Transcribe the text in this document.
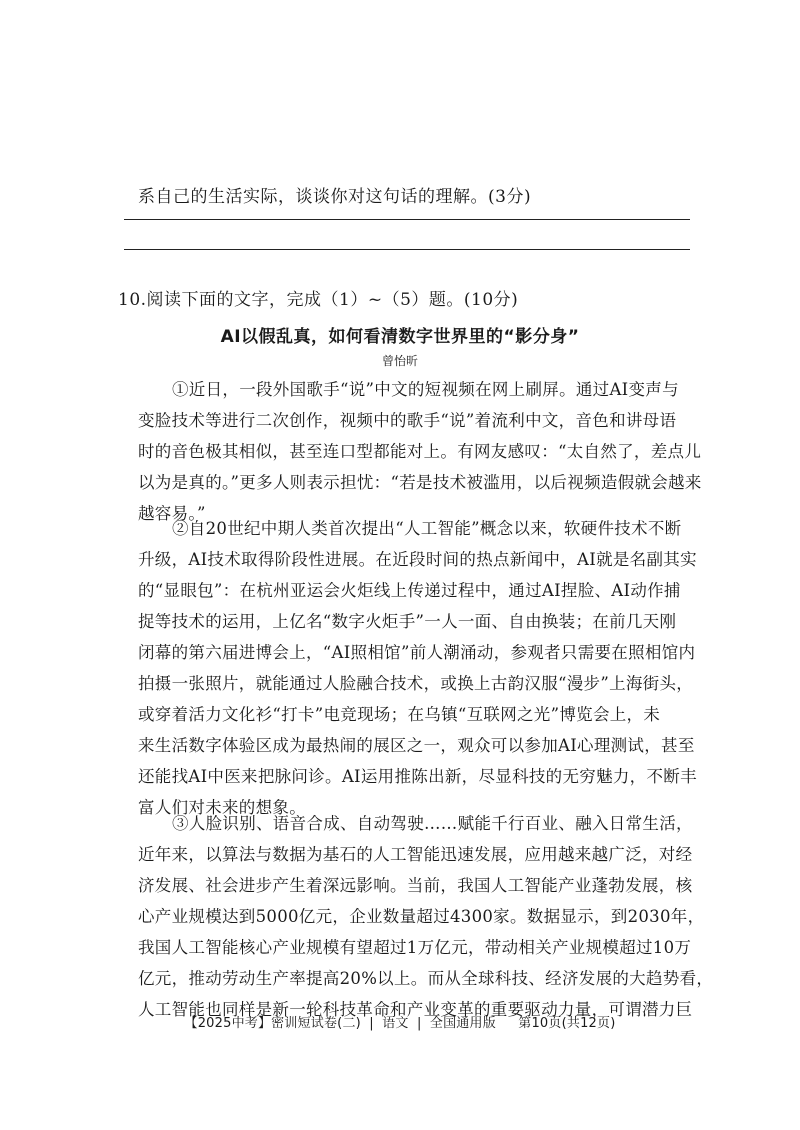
系自己的生活实际，谈谈你对这句话的理解。(3分)
10.阅读下面的文字，完成（1）~（5）题。(10分)
AI以假乱真，如何看清数字世界里的“影分身”
曾怡昕
①近日，一段外国歌手“说”中文的短视频在网上刷屏。通过AI变声与
变脸技术等进行二次创作，视频中的歌手“说”着流利中文，音色和讲母语
时的音色极其相似，甚至连口型都能对上。有网友感叹：“太自然了，差点儿
以为是真的。”更多人则表示担忧：“若是技术被滥用，以后视频造假就会越来
越容易。”
②自20世纪中期人类首次提出“人工智能”概念以来，软硬件技术不断
升级，AI技术取得阶段性进展。在近段时间的热点新闻中，AI就是名副其实
的“显眼包”：在杭州亚运会火炬线上传递过程中，通过AI捏脸、AI动作捕
捉等技术的运用，上亿名“数字火炬手”一人一面、自由换装；在前几天刚
闭幕的第六届进博会上，“AI照相馆”前人潮涌动，参观者只需要在照相馆内
拍摄一张照片，就能通过人脸融合技术，或换上古韵汉服“漫步”上海街头，
或穿着活力文化衫“打卡”电竞现场；在乌镇“互联网之光”博览会上，未
来生活数字体验区成为最热闹的展区之一，观众可以参加AI心理测试，甚至
还能找AI中医来把脉问诊。AI运用推陈出新，尽显科技的无穷魅力，不断丰
富人们对未来的想象。
③人脸识别、语音合成、自动驾驶……赋能千行百业、融入日常生活，
近年来，以算法与数据为基石的人工智能迅速发展，应用越来越广泛，对经
济发展、社会进步产生着深远影响。当前，我国人工智能产业蓬勃发展，核
心产业规模达到5000亿元，企业数量超过4300家。数据显示，到2030年，
我国人工智能核心产业规模有望超过1万亿元，带动相关产业规模超过10万
亿元，推动劳动生产率提高20%以上。而从全球科技、经济发展的大趋势看，
人工智能也同样是新一轮科技革命和产业变革的重要驱动力量，可谓潜力巨
【2025中考】密训短试卷(二) | 语文 | 全国通用版 第10页(共12页)
